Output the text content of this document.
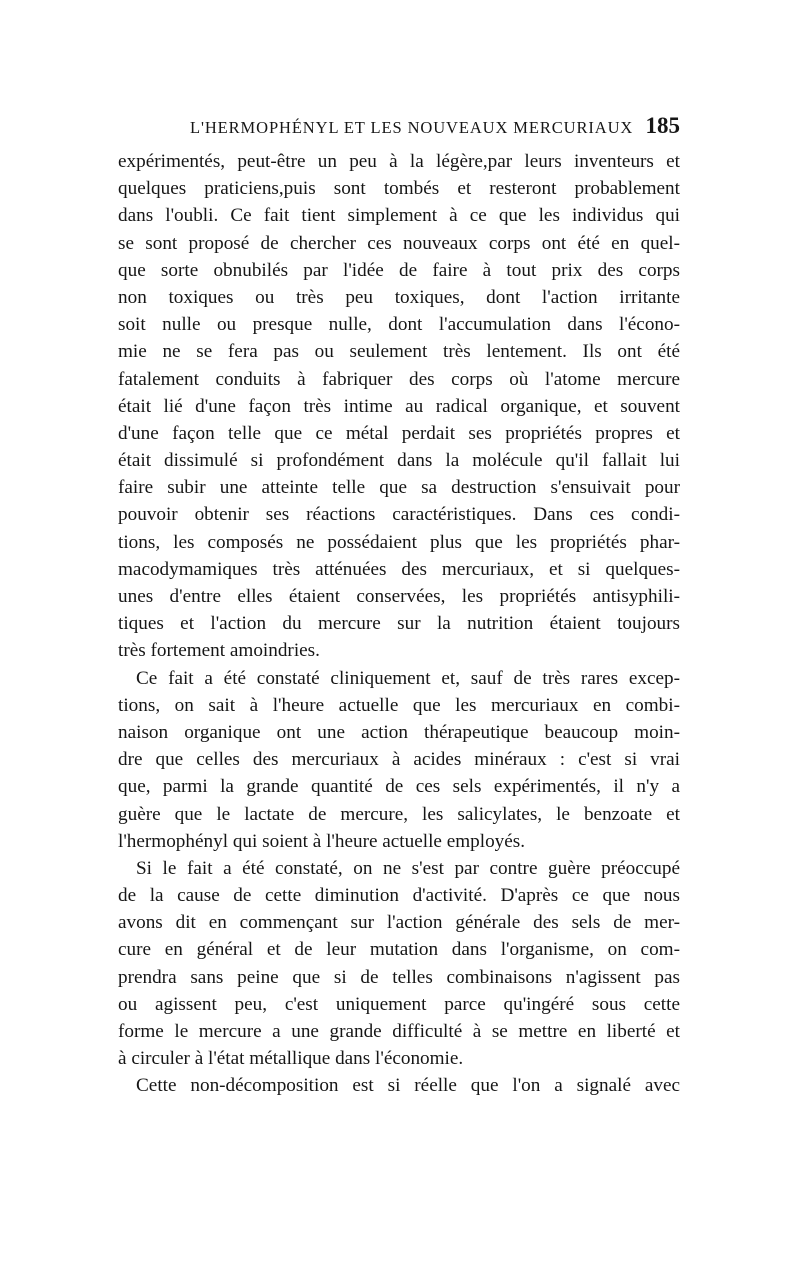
L'HERMOPHÉNYL ET LES NOUVEAUX MERCURIAUX 185
expérimentés, peut-être un peu à la légère,par leurs inventeurs et
quelques praticiens,puis sont tombés et resteront probablement
dans l'oubli. Ce fait tient simplement à ce que les individus qui
se sont proposé de chercher ces nouveaux corps ont été en quel-
que sorte obnubilés par l'idée de faire à tout prix des corps
non toxiques ou très peu toxiques, dont l'action irritante
soit nulle ou presque nulle, dont l'accumulation dans l'écono-
mie ne se fera pas ou seulement très lentement. Ils ont été
fatalement conduits à fabriquer des corps où l'atome mercure
était lié d'une façon très intime au radical organique, et souvent
d'une façon telle que ce métal perdait ses propriétés propres et
était dissimulé si profondément dans la molécule qu'il fallait lui
faire subir une atteinte telle que sa destruction s'ensuivait pour
pouvoir obtenir ses réactions caractéristiques. Dans ces condi-
tions, les composés ne possédaient plus que les propriétés phar-
macodymamiques très atténuées des mercuriaux, et si quelques-
unes d'entre elles étaient conservées, les propriétés antisyphili-
tiques et l'action du mercure sur la nutrition étaient toujours
très fortement amoindries.
Ce fait a été constaté cliniquement et, sauf de très rares excep-
tions, on sait à l'heure actuelle que les mercuriaux en combi-
naison organique ont une action thérapeutique beaucoup moin-
dre que celles des mercuriaux à acides minéraux : c'est si vrai
que, parmi la grande quantité de ces sels expérimentés, il n'y a
guère que le lactate de mercure, les salicylates, le benzoate et
l'hermophényl qui soient à l'heure actuelle employés.
Si le fait a été constaté, on ne s'est par contre guère préoccupé
de la cause de cette diminution d'activité. D'après ce que nous
avons dit en commençant sur l'action générale des sels de mer-
cure en général et de leur mutation dans l'organisme, on com-
prendra sans peine que si de telles combinaisons n'agissent pas
ou agissent peu, c'est uniquement parce qu'ingéré sous cette
forme le mercure a une grande difficulté à se mettre en liberté et
à circuler à l'état métallique dans l'économie.
Cette non-décomposition est si réelle que l'on a signalé avec
